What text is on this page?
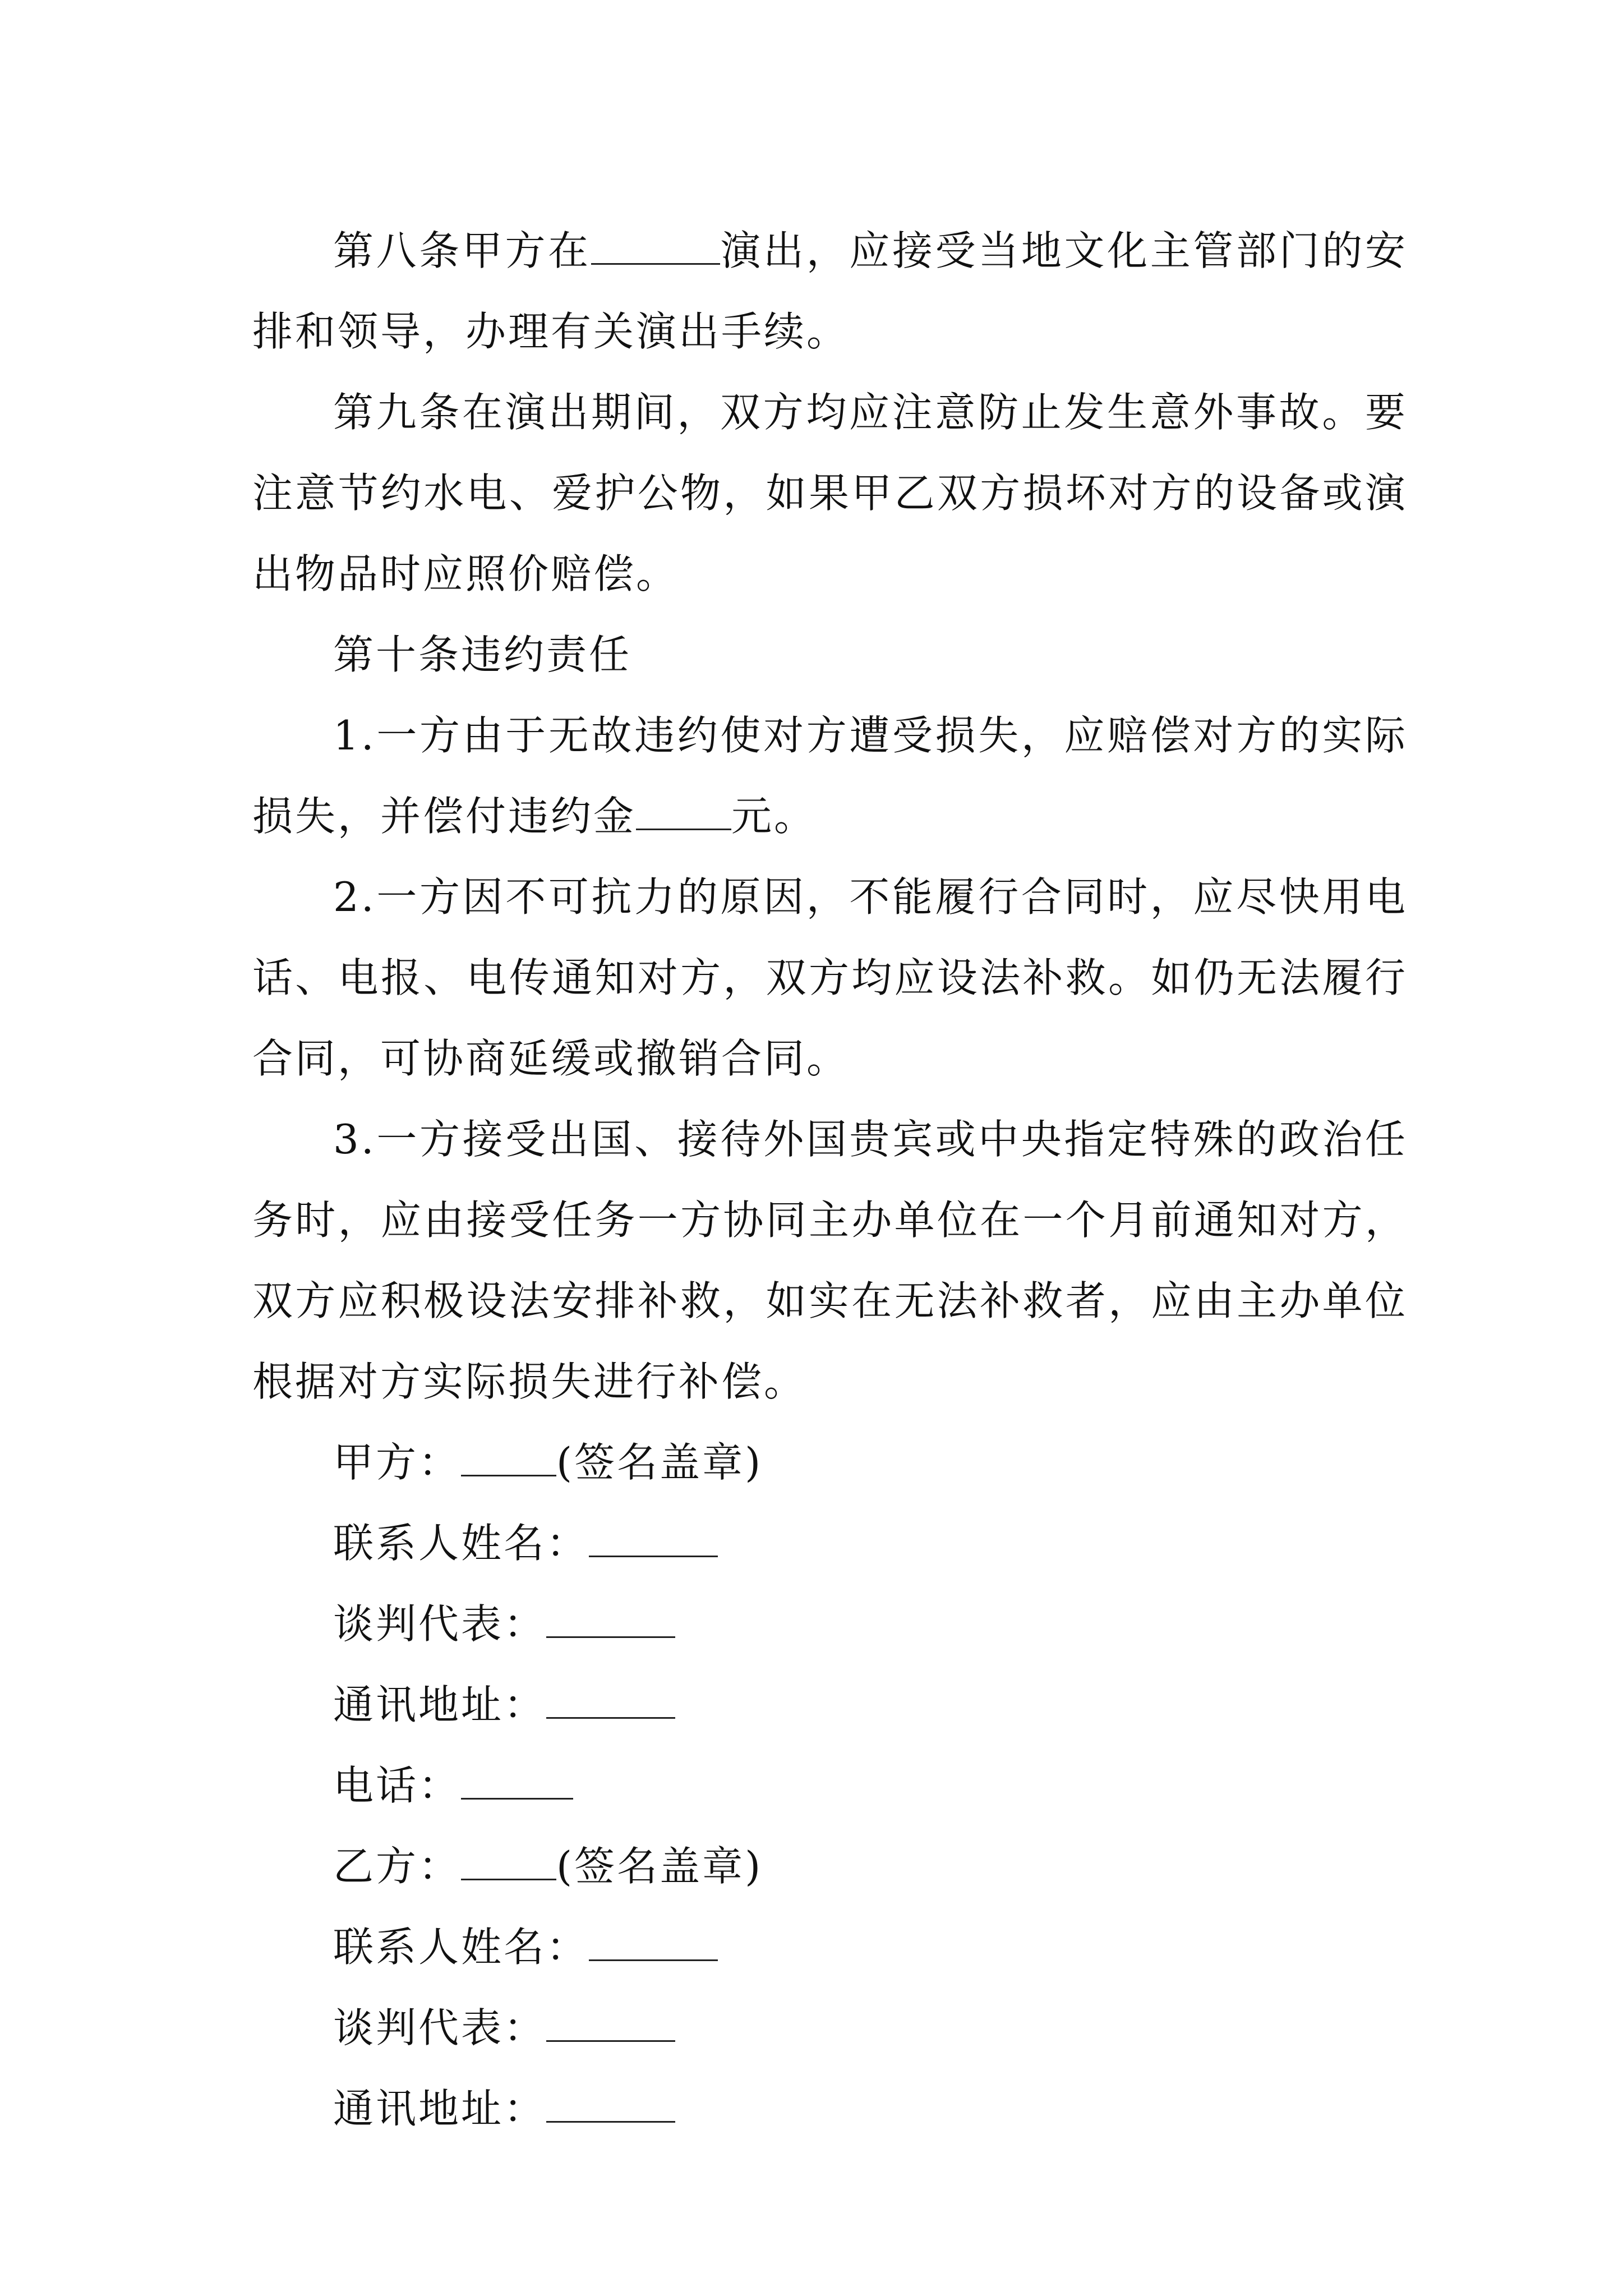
第八条甲方在	演出，应接受当地文化主管部门的安排和领导，办理有关演出手续。

第九条在演出期间，双方均应注意防止发生意外事故。要注意节约水电、爱护公物，如果甲乙双方损坏对方的设备或演出物品时应照价赔偿。

第十条违约责任

1.一方由于无故违约使对方遭受损失，应赔偿对方的实际损失，并偿付违约金 元。

2.一方因不可抗力的原因，不能履行合同时，应尽快用电话、电报、电传通知对方，双方均应设法补救。如仍无法履行合同，可协商延缓或撤销合同。

3.一方接受出国、接待外国贵宾或中央指定特殊的政治任务时，应由接受任务一方协同主办单位在一个月前通知对方，双方应积极设法安排补救，如实在无法补救者，应由主办单位根据对方实际损失进行补偿。

甲方： (签名盖章)

联系人姓名：

谈判代表：

通讯地址：

电话：

乙方： (签名盖章)

联系人姓名：

谈判代表：

通讯地址：
